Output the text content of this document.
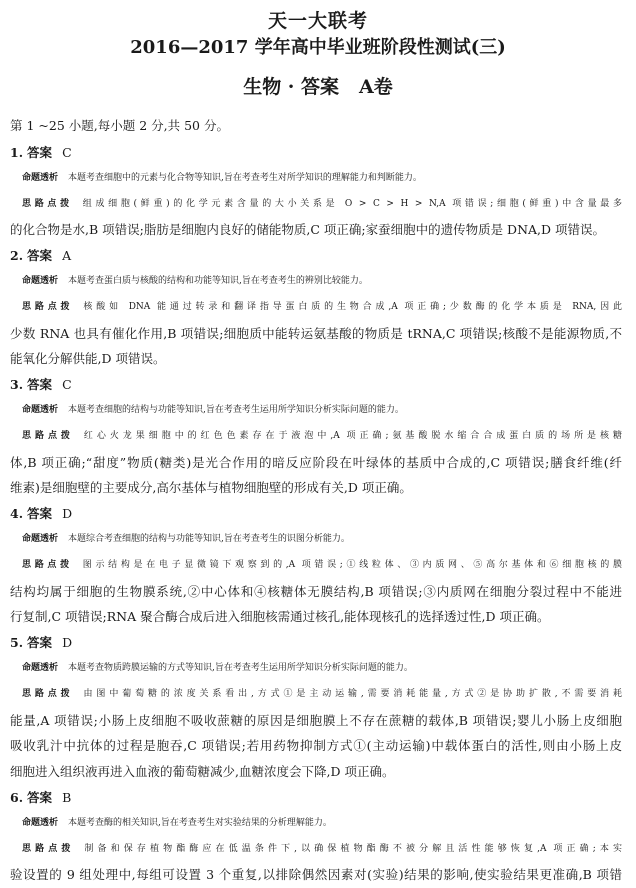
天一大联考
2016—2017 学年高中毕业班阶段性测试(三)
生物 · 答案 A卷
第 1 ~25 小题,每小题 2 分,共 50 分。

1. 答案 C

命题透析 本题考查细胞中的元素与化合物等知识,旨在考查考生对所学知识的理解能力和判断能力。

思路点拨 组成细胞(鲜重)的化学元素含量的大小关系是 O > C > H > N,A 项错误;细胞(鲜重)中含量最多

的化合物是水,B 项错误;脂肪是细胞内良好的储能物质,C 项正确;家蚕细胞中的遗传物质是 DNA,D 项错误。

2. 答案 A

命题透析 本题考查蛋白质与核酸的结构和功能等知识,旨在考查考生的辨别比较能力。

思路点拨 核酸如 DNA 能通过转录和翻译指导蛋白质的生物合成,A 项正确;少数酶的化学本质是 RNA,因此

少数 RNA 也具有催化作用,B 项错误;细胞质中能转运氨基酸的物质是 tRNA,C 项错误;核酸不是能源物质,不

能氧化分解供能,D 项错误。

3. 答案 C

命题透析 本题考查细胞的结构与功能等知识,旨在考查考生运用所学知识分析实际问题的能力。

思路点拨 红心火龙果细胞中的红色色素存在于液泡中,A 项正确;氨基酸脱水缩合合成蛋白质的场所是核糖

体,B 项正确;“甜度”物质(糖类)是光合作用的暗反应阶段在叶绿体的基质中合成的,C 项错误;膳食纤维(纤

维素)是细胞壁的主要成分,高尔基体与植物细胞壁的形成有关,D 项正确。

4. 答案 D

命题透析 本题综合考查细胞的结构与功能等知识,旨在考查考生的识图分析能力。

思路点拨 图示结构是在电子显微镜下观察到的,A 项错误;①线粒体、③内质网、⑤高尔基体和⑥细胞核的膜

结构均属于细胞的生物膜系统,②中心体和④核糖体无膜结构,B 项错误;③内质网在细胞分裂过程中不能进

行复制,C 项错误;RNA 聚合酶合成后进入细胞核需通过核孔,能体现核孔的选择透过性,D 项正确。

5. 答案 D

命题透析 本题考查物质跨膜运输的方式等知识,旨在考查考生运用所学知识分析实际问题的能力。

思路点拨 由图中葡萄糖的浓度关系看出,方式①是主动运输,需要消耗能量,方式②是协助扩散,不需要消耗

能量,A 项错误;小肠上皮细胞不吸收蔗糖的原因是细胞膜上不存在蔗糖的载体,B 项错误;婴儿小肠上皮细胞

吸收乳汁中抗体的过程是胞吞,C 项错误;若用药物抑制方式①(主动运输)中载体蛋白的活性,则由小肠上皮

细胞进入组织液再进入血液的葡萄糖减少,血糖浓度会下降,D 项正确。

6. 答案 B

命题透析 本题考查酶的相关知识,旨在考查考生对实验结果的分析理解能力。

思路点拨 制备和保存植物酯酶应在低温条件下,以确保植物酯酶不被分解且活性能够恢复,A 项正确;本实

验设置的 9 组处理中,每组可设置 3 个重复,以排除偶然因素对(实验)结果的影响,使实验结果更准确,B 项错
